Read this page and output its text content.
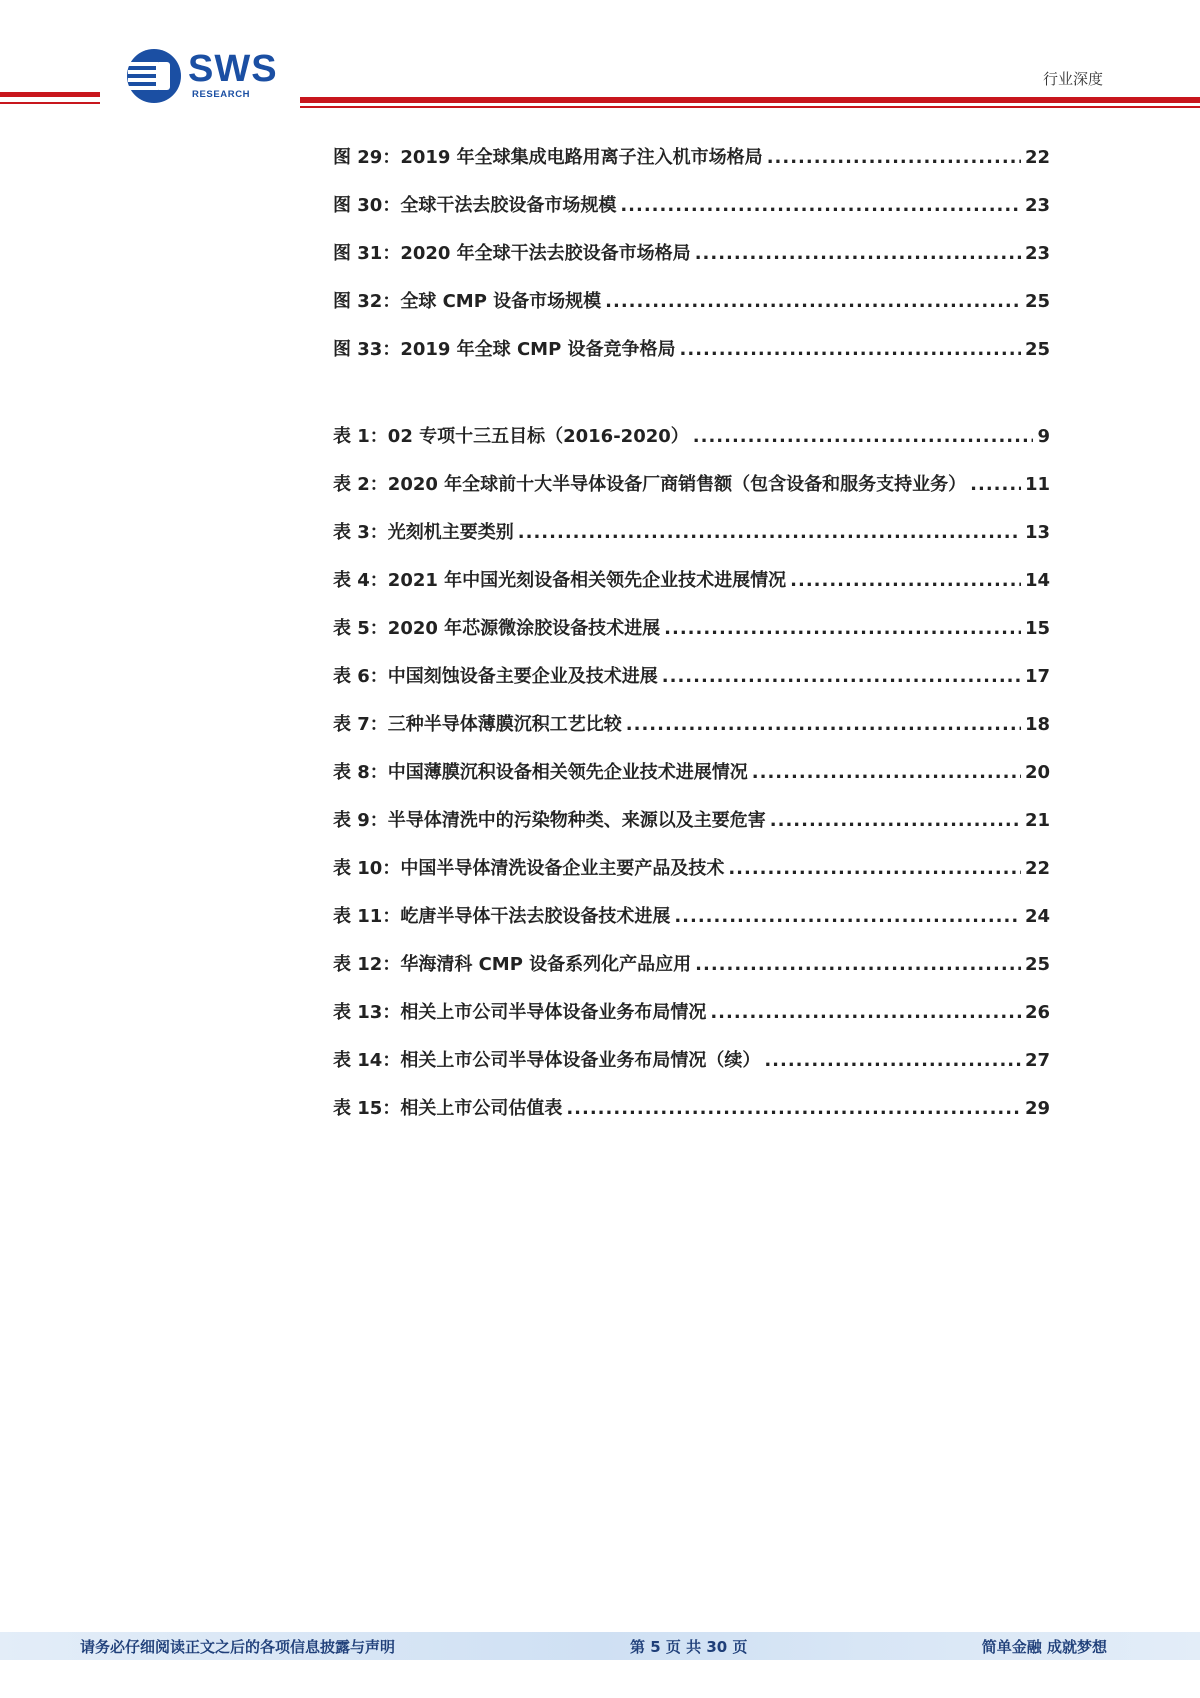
SWS
RESEARCH
行业深度
图 29：2019 年全球集成电路用离子注入机市场格局 .....	22
图 30：全球干法去胶设备市场规模 .....	23
图 31：2020 年全球干法去胶设备市场格局 .....	23
图 32：全球 CMP 设备市场规模 .....	25
图 33：2019 年全球 CMP 设备竞争格局 .....	25
表 1：02 专项十三五目标（2016-2020） .....	9
表 2：2020 年全球前十大半导体设备厂商销售额（包含设备和服务支持业务） .....	11
表 3：光刻机主要类别 .....	13
表 4：2021 年中国光刻设备相关领先企业技术进展情况 .....	14
表 5：2020 年芯源微涂胶设备技术进展 .....	15
表 6：中国刻蚀设备主要企业及技术进展 .....	17
表 7：三种半导体薄膜沉积工艺比较 .....	18
表 8：中国薄膜沉积设备相关领先企业技术进展情况 .....	20
表 9：半导体清洗中的污染物种类、来源以及主要危害 .....	21
表 10：中国半导体清洗设备企业主要产品及技术 .....	22
表 11：屹唐半导体干法去胶设备技术进展 .....	24
表 12：华海清科 CMP 设备系列化产品应用 .....	25
表 13：相关上市公司半导体设备业务布局情况 .....	26
表 14：相关上市公司半导体设备业务布局情况（续） .....	27
表 15：相关上市公司估值表 .....	29
请务必仔细阅读正文之后的各项信息披露与声明	第 5 页 共 30 页	简单金融 成就梦想
